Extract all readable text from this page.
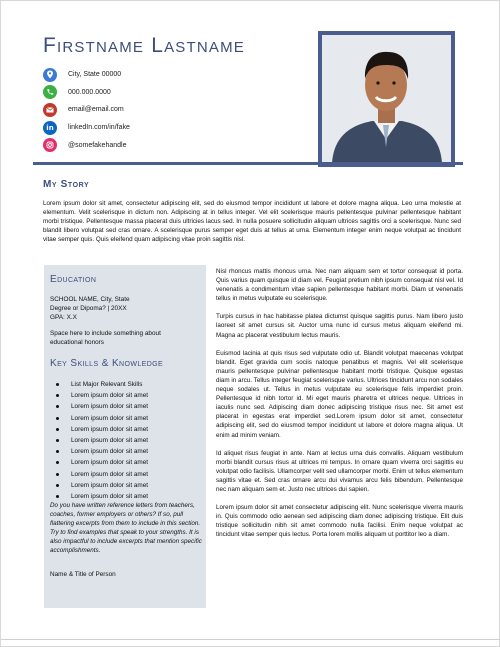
Firstname Lastname
City, State 00000
000.000.0000
email@email.com
in	linkedIn.com/in/fake
@somefakehandle
My Story

Lorem ipsum dolor sit amet, consectetur adipiscing elit, sed do eiusmod tempor incididunt ut labore et dolore magna aliqua. Leo urna molestie at elementum. Velit scelerisque in dictum non. Adipiscing at in tellus integer. Vel elit scelerisque mauris pellentesque pulvinar pellentesque habitant morbi tristique. Pellentesque massa placerat duis ultricies lacus sed. In nulla posuere sollicitudin aliquam ultrices sagittis orci a scelerisque. Nunc sed blandit libero volutpat sed cras ornare. A scelerisque purus semper eget duis at tellus at urna. Elementum integer enim neque volutpat ac tincidunt vitae semper quis. Quis eleifend quam adipiscing vitae proin sagittis nisl.

Education
SCHOOL NAME, City, State
Degree or Dipoma? | 20XX
GPA: X.X
Space here to include something about educational honors
Key Skills & Knowledge
List Major Relevant Skills
Lorem ipsum dolor sit amet
Lorem ipsum dolor sit amet
Lorem ipsum dolor sit amet
Lorem ipsum dolor sit amet
Lorem ipsum dolor sit amet
Lorem ipsum dolor sit amet
Lorem ipsum dolor sit amet
Lorem ipsum dolor sit amet
Lorem ipsum dolor sit amet
Lorem ipsum dolor sit amet

Do you have written reference letters from teachers, coaches, former employers or others? If so, pull flattering excerpts from them to include in this section. Try to find examples that speak to your strengths. It is also impactful to include excerpts that mention specific accomplishments.

Name & Title of Person

Nisl rhoncus mattis rhoncus urna. Nec nam aliquam sem et tortor consequat id porta. Quis varius quam quisque id diam vel. Feugiat pretium nibh ipsum consequat nisl vel. Id venenatis a condimentum vitae sapien pellentesque habitant morbi. Diam ut venenatis tellus in metus vulputate eu scelerisque.

Turpis cursus in hac habitasse platea dictumst quisque sagittis purus. Nam libero justo laoreet sit amet cursus sit. Auctor urna nunc id cursus metus aliquam eleifend mi. Magna ac placerat vestibulum lectus mauris.

Euismod lacinia at quis risus sed vulputate odio ut. Blandit volutpat maecenas volutpat blandit. Eget gravida cum sociis natoque penatibus et magnis. Vel elit scelerisque mauris pellentesque pulvinar pellentesque habitant morbi tristique. Quisque egestas diam in arcu. Tellus integer feugiat scelerisque varius. Ultrices tincidunt arcu non sodales neque sodales ut. Tellus in metus vulputate eu scelerisque felis imperdiet proin. Pellentesque id nibh tortor id. Mi eget mauris pharetra et ultrices neque. Ultrices in iaculis nunc sed. Adipiscing diam donec adipiscing tristique risus nec. Sit amet est placerat in egestas erat imperdiet sed.Lorem ipsum dolor sit amet, consectetur adipiscing elit, sed do eiusmod tempor incididunt ut labore et dolore magna aliqua. Ut enim ad minim veniam.

Id aliquet risus feugiat in ante. Nam at lectus urna duis convallis. Aliquam vestibulum morbi blandit cursus risus at ultrices mi tempus. In ornare quam viverra orci sagittis eu volutpat odio facilisis. Ullamcorper velit sed ullamcorper morbi. Enim ut tellus elementum sagittis vitae et. Sed cras ornare arcu dui vivamus arcu felis bibendum. Pellentesque nec nam aliquam sem et. Justo nec ultrices dui sapien.

Lorem ipsum dolor sit amet consectetur adipiscing elit. Nunc scelerisque viverra mauris in. Quis commodo odio aenean sed adipiscing diam donec adipiscing tristique. Elit duis tristique sollicitudin nibh sit amet commodo nulla facilisi. Enim neque volutpat ac tincidunt vitae semper quis lectus. Porta lorem mollis aliquam ut porttitor leo a diam.
